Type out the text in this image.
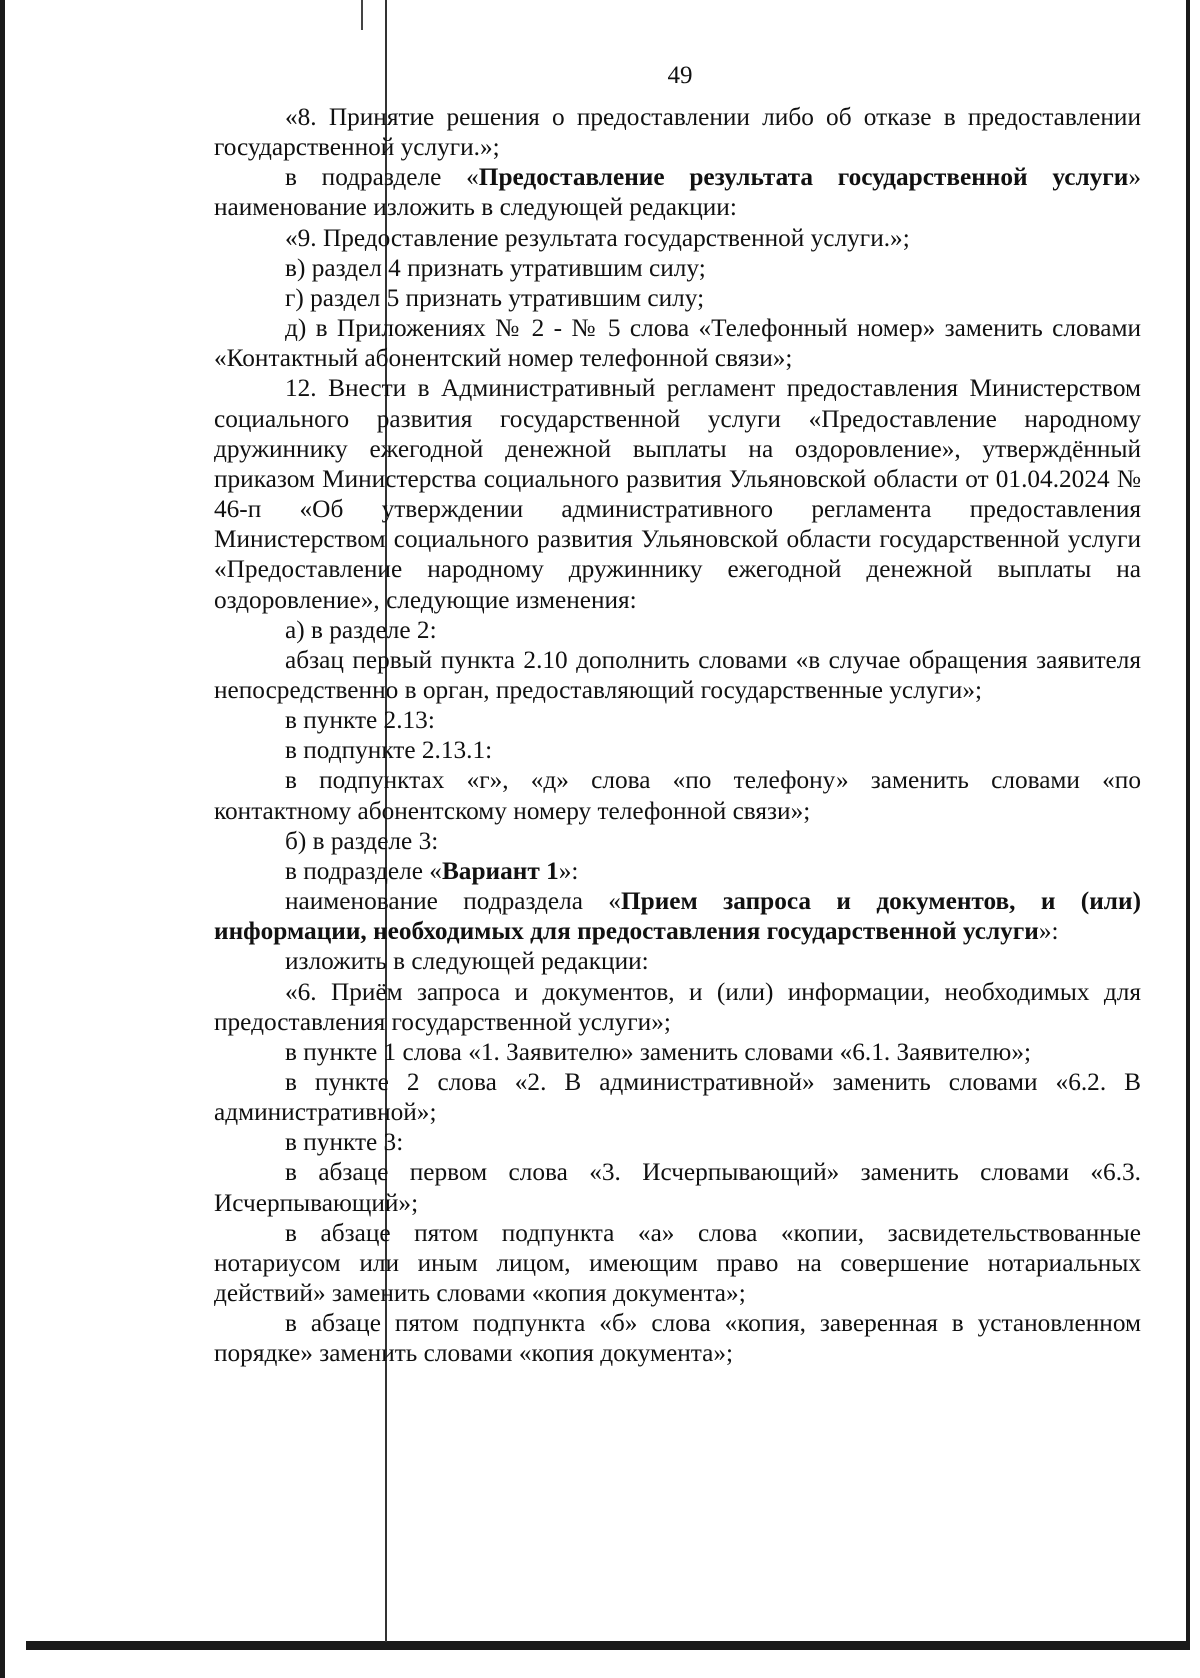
49

«8. Принятие решения о предоставлении либо об отказе в предоставлении государственной услуги.»;

в подразделе «Предоставление результата государственной услуги» наименование изложить в следующей редакции:

«9. Предоставление результата государственной услуги.»;

в) раздел 4 признать утратившим силу;

г) раздел 5 признать утратившим силу;

д) в Приложениях № 2 - № 5 слова «Телефонный номер» заменить словами «Контактный абонентский номер телефонной связи»;

12. Внести в Административный регламент предоставления Министерством социального развития государственной услуги «Предоставление народному дружиннику ежегодной денежной выплаты на оздоровление», утверждённый приказом Министерства социального развития Ульяновской области от 01.04.2024 № 46-п «Об утверждении административного регламента предоставления Министерством социального развития Ульяновской области государственной услуги «Предоставление народному дружиннику ежегодной денежной выплаты на оздоровление», следующие изменения:

а) в разделе 2:

абзац первый пункта 2.10 дополнить словами «в случае обращения заявителя непосредственно в орган, предоставляющий государственные услуги»;

в пункте 2.13:

в подпункте 2.13.1:

в подпунктах «г», «д» слова «по телефону» заменить словами «по контактному абонентскому номеру телефонной связи»;

б) в разделе 3:

в подразделе «Вариант 1»:

наименование подраздела «Прием запроса и документов, и (или) информации, необходимых для предоставления государственной услуги»:

изложить в следующей редакции:

«6. Приём запроса и документов, и (или) информации, необходимых для предоставления государственной услуги»;

в пункте 1 слова «1. Заявителю» заменить словами «6.1. Заявителю»;

в пункте 2 слова «2. В административной» заменить словами «6.2. В административной»;

в пункте 3:

в абзаце первом слова «3. Исчерпывающий» заменить словами «6.3. Исчерпывающий»;

в абзаце пятом подпункта «а» слова «копии, засвидетельствованные нотариусом или иным лицом, имеющим право на совершение нотариальных действий» заменить словами «копия документа»;

в абзаце пятом подпункта «б» слова «копия, заверенная в установленном порядке» заменить словами «копия документа»;
